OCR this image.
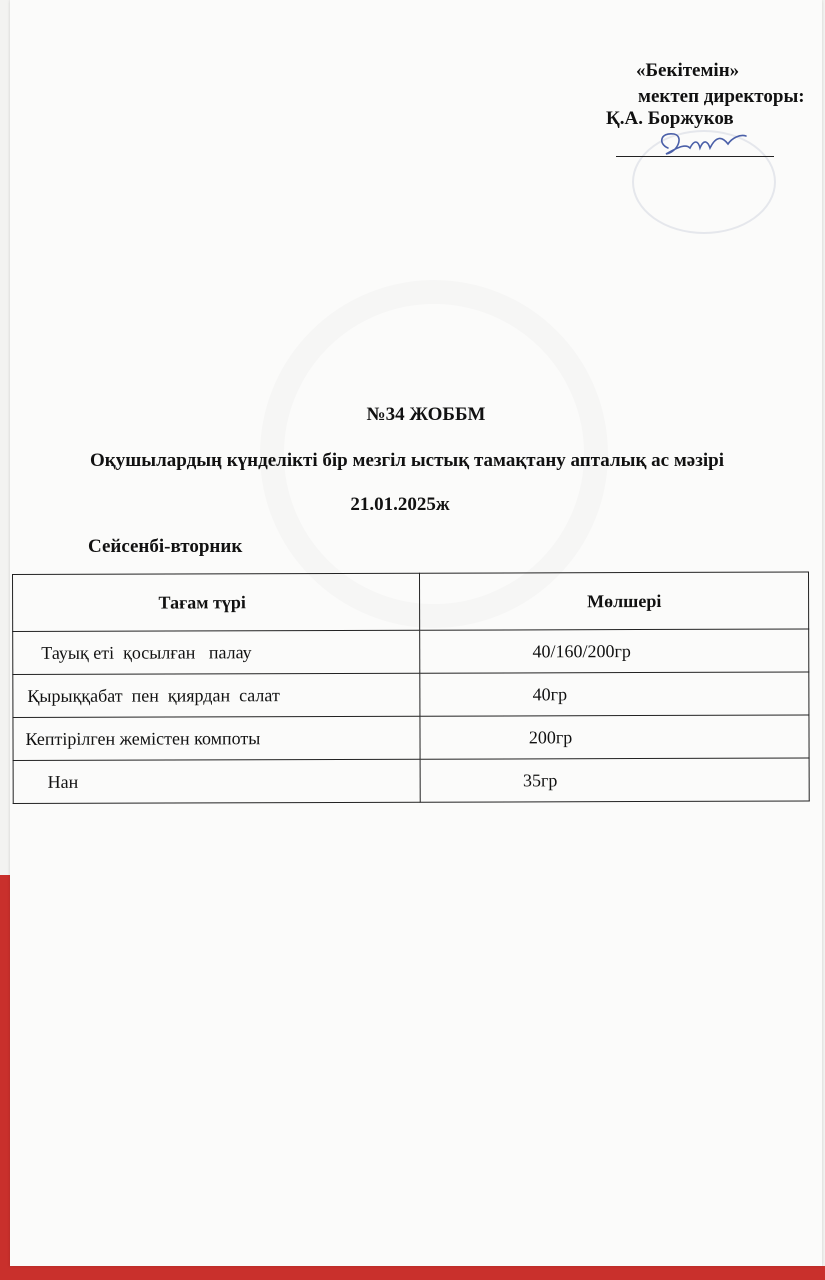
«Бекітемін»
мектеп директоры:
Қ.А. Боржуков
№34 ЖОББМ
Оқушылардың күнделікті бір мезгіл ыстық тамақтану апталық ас мәзірі
21.01.2025ж
Сейсенбі-вторник
Тағам түрі	Мөлшері
Тауық еті  қосылған   палау	40/160/200гр
Қырыққабат  пен  қиярдан  салат	40гр
Кептірілген жемістен компоты	200гр
Нан	35гр
